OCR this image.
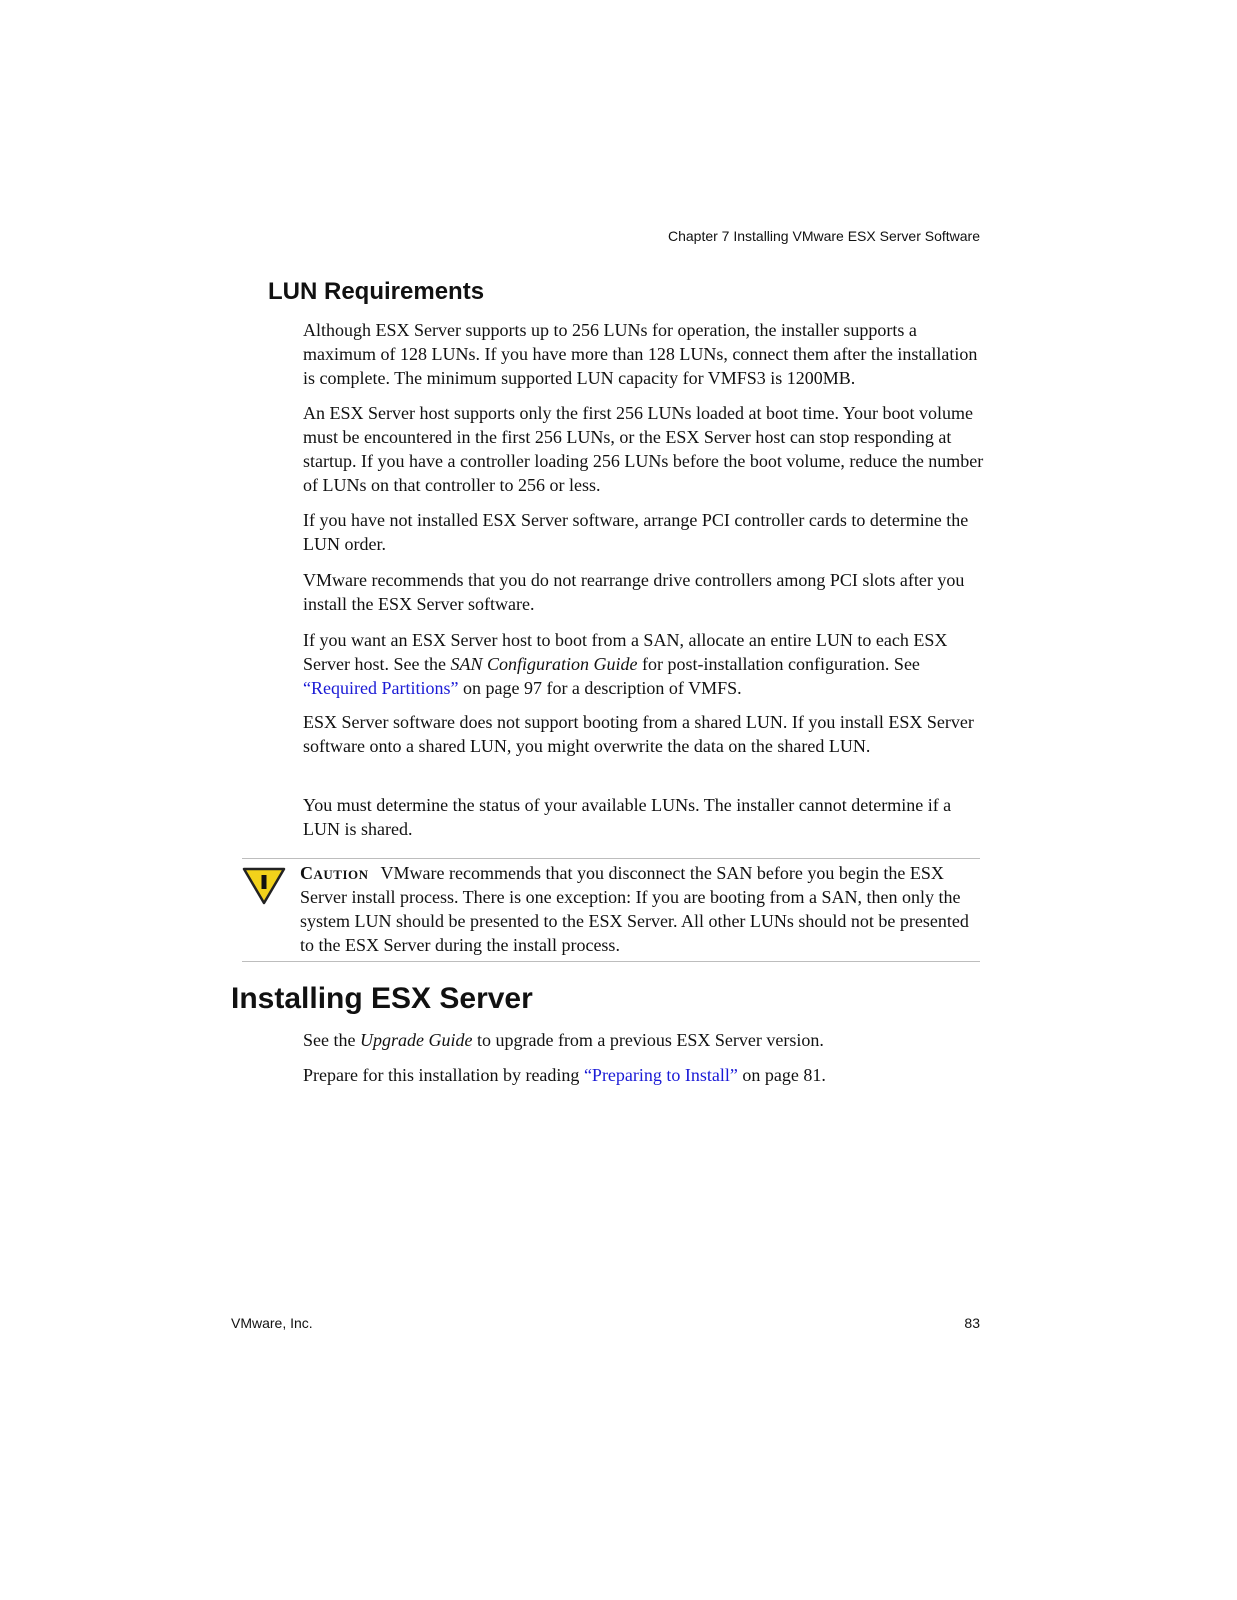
Chapter 7 Installing VMware ESX Server Software
LUN Requirements

Although ESX Server supports up to 256 LUNs for operation, the installer supports a maximum of 128 LUNs. If you have more than 128 LUNs, connect them after the installation is complete. The minimum supported LUN capacity for VMFS3 is 1200MB.

An ESX Server host supports only the first 256 LUNs loaded at boot time. Your boot volume must be encountered in the first 256 LUNs, or the ESX Server host can stop responding at startup. If you have a controller loading 256 LUNs before the boot volume, reduce the number of LUNs on that controller to 256 or less.

If you have not installed ESX Server software, arrange PCI controller cards to determine the LUN order.

VMware recommends that you do not rearrange drive controllers among PCI slots after you install the ESX Server software.

If you want an ESX Server host to boot from a SAN, allocate an entire LUN to each ESX Server host. See the SAN Configuration Guide for post-installation configuration. See “Required Partitions” on page 97 for a description of VMFS.

ESX Server software does not support booting from a shared LUN. If you install ESX Server software onto a shared LUN, you might overwrite the data on the shared LUN.

You must determine the status of your available LUNs. The installer cannot determine if a LUN is shared.

Caution VMware recommends that you disconnect the SAN before you begin the ESX Server install process. There is one exception: If you are booting from a SAN, then only the system LUN should be presented to the ESX Server. All other LUNs should not be presented to the ESX Server during the install process.

Installing ESX Server

See the Upgrade Guide to upgrade from a previous ESX Server version.

Prepare for this installation by reading “Preparing to Install” on page 81.

VMware, Inc.	83
